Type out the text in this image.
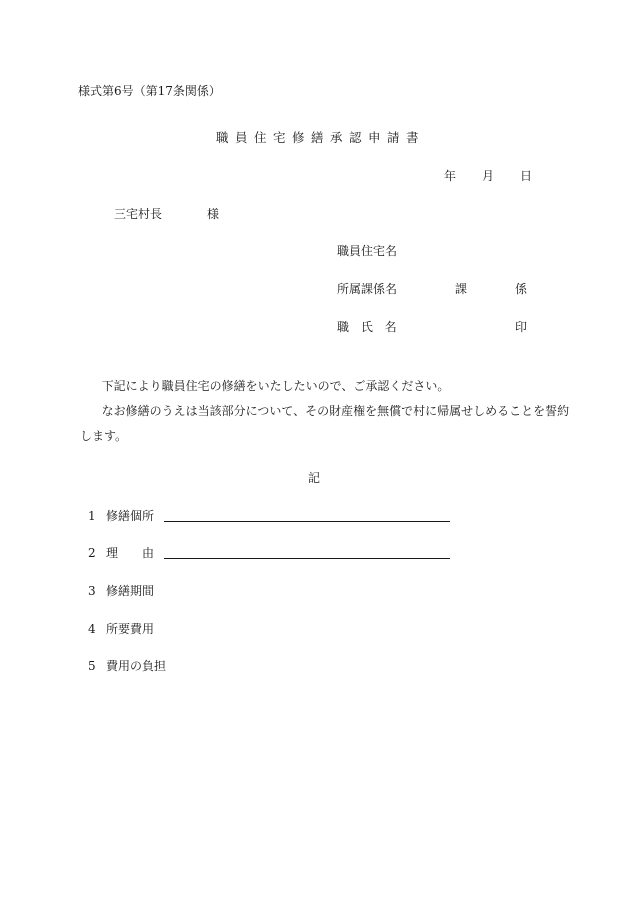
様式第6号（第17条関係）
職員住宅修繕承認申請書
年 月 日
三宅村長	様
職員住宅名
所属課係名	課	係
職 氏 名	印

下記により職員住宅の修繕をいたしたいので、ご承認ください。

なお修繕のうえは当該部分について、その財産権を無償で村に帰属せしめることを誓約します。

記
1 修繕個所
2 理　　由
3 修繕期間
4 所要費用
5 費用の負担
